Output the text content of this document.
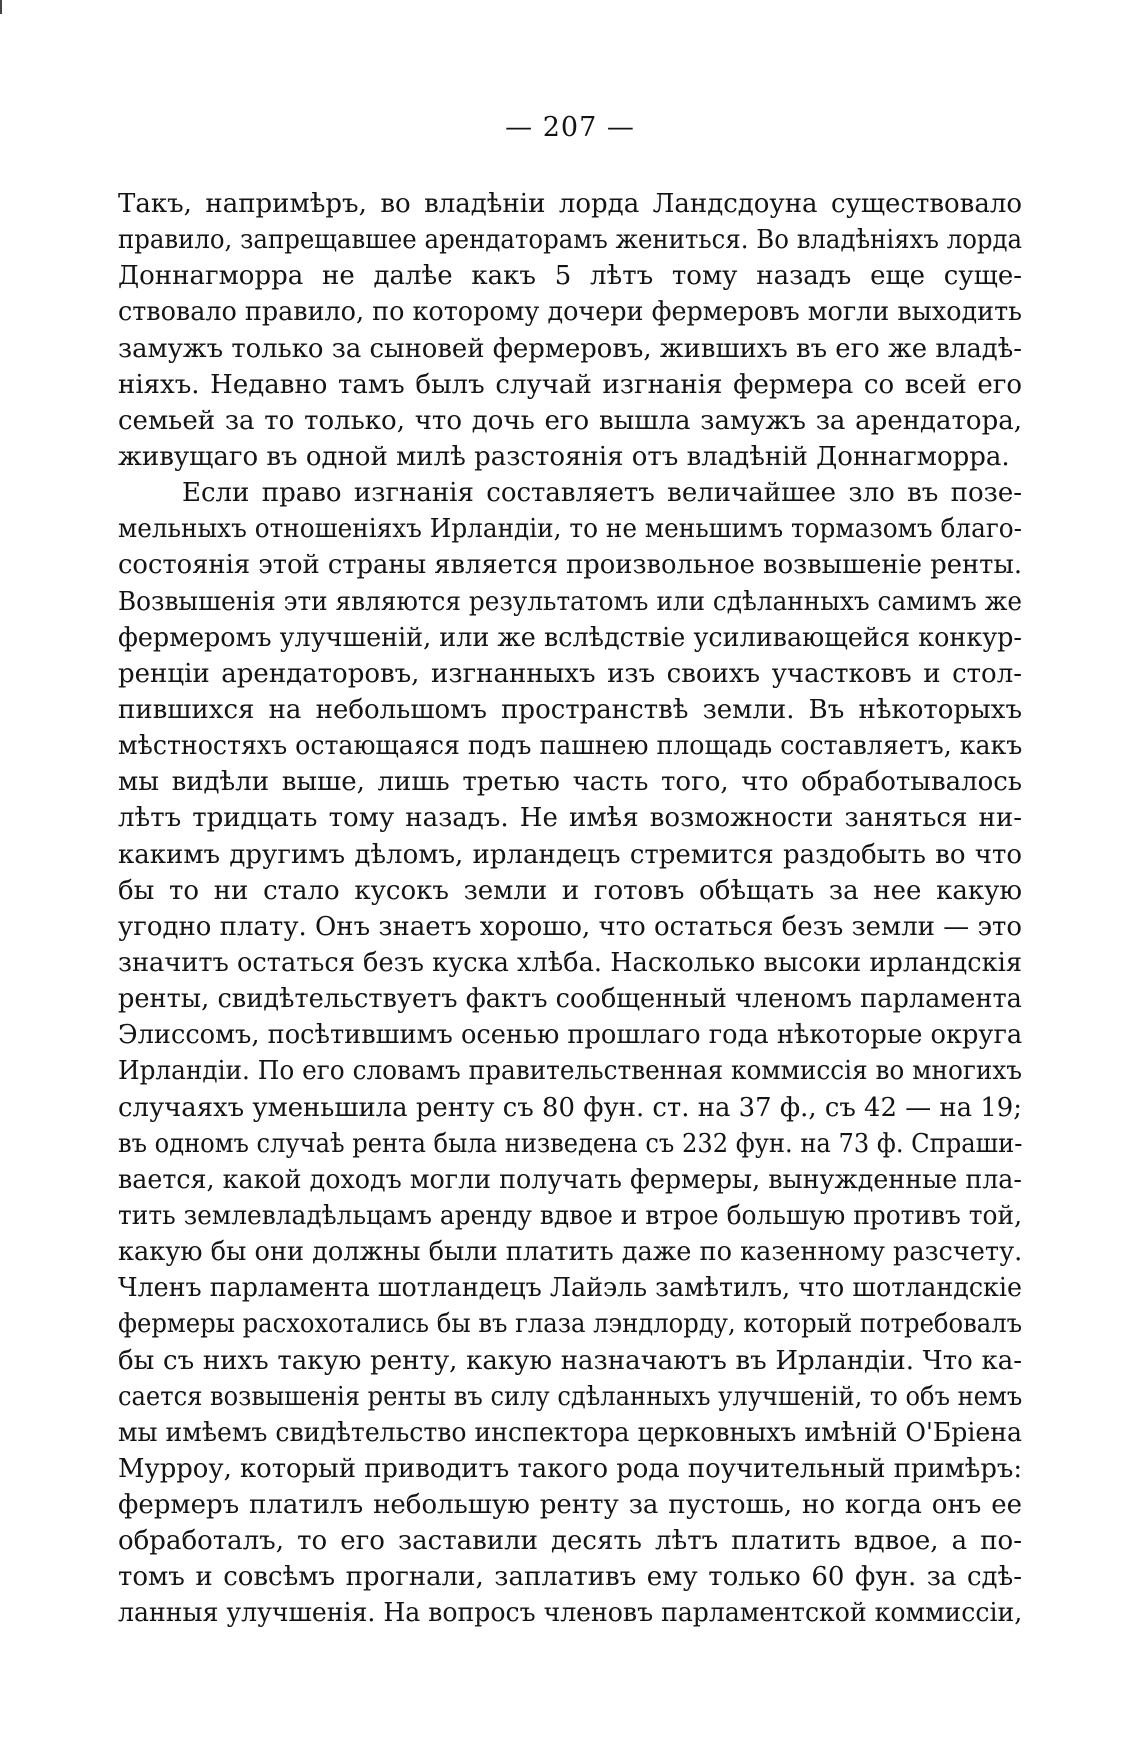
— 207 —
Такъ, напримѣръ, во владѣніи лорда Ландсдоуна существовало
правило, запрещавшее арендаторамъ жениться. Во владѣніяхъ лорда
Доннагморра не далѣе какъ 5 лѣтъ тому назадъ еще суще-
ствовало правило, по которому дочери фермеровъ могли выходить
замужъ только за сыновей фермеровъ, жившихъ въ его же владѣ-
ніяхъ. Недавно тамъ былъ случай изгнанія фермера со всей его
семьей за то только, что дочь его вышла замужъ за арендатора,
живущаго въ одной милѣ разстоянія отъ владѣній Доннагморра.
Если право изгнанія составляетъ величайшее зло въ позе-
мельныхъ отношеніяхъ Ирландіи, то не меньшимъ тормазомъ благо-
состоянія этой страны является произвольное возвышеніе ренты.
Возвышенія эти являются результатомъ или сдѣланныхъ самимъ же
фермеромъ улучшеній, или же вслѣдствіе усиливающейся конкур-
ренціи арендаторовъ, изгнанныхъ изъ своихъ участковъ и стол-
пившихся на небольшомъ пространствѣ земли. Въ нѣкоторыхъ
мѣстностяхъ остающаяся подъ пашнею площадь составляетъ, какъ
мы видѣли выше, лишь третью часть того, что обработывалось
лѣтъ тридцать тому назадъ. Не имѣя возможности заняться ни-
какимъ другимъ дѣломъ, ирландецъ стремится раздобыть во что
бы то ни стало кусокъ земли и готовъ обѣщать за нее какую
угодно плату. Онъ знаетъ хорошо, что остаться безъ земли — это
значитъ остаться безъ куска хлѣба. Насколько высоки ирландскія
ренты, свидѣтельствуетъ фактъ сообщенный членомъ парламента
Элиссомъ, посѣтившимъ осенью прошлаго года нѣкоторые округа
Ирландіи. По его словамъ правительственная коммиссія во многихъ
случаяхъ уменьшила ренту съ 80 фун. ст. на 37 ф., съ 42 — на 19;
въ одномъ случаѣ рента была низведена съ 232 фун. на 73 ф. Спраши-
вается, какой доходъ могли получать фермеры, вынужденные пла-
тить землевладѣльцамъ аренду вдвое и втрое большую противъ той,
какую бы они должны были платить даже по казенному разсчету.
Членъ парламента шотландецъ Лайэль замѣтилъ, что шотландскіе
фермеры расхохотались бы въ глаза лэндлорду, который потребовалъ
бы съ нихъ такую ренту, какую назначаютъ въ Ирландіи. Что ка-
сается возвышенія ренты въ силу сдѣланныхъ улучшеній, то объ немъ
мы имѣемъ свидѣтельство инспектора церковныхъ имѣній О'Бріена
Мурроу, который приводитъ такого рода поучительный примѣръ:
фермеръ платилъ небольшую ренту за пустошь, но когда онъ ее
обработалъ, то его заставили десять лѣтъ платить вдвое, а по-
томъ и совсѣмъ прогнали, заплативъ ему только 60 фун. за сдѣ-
ланныя улучшенія. На вопросъ членовъ парламентской коммиссіи,
